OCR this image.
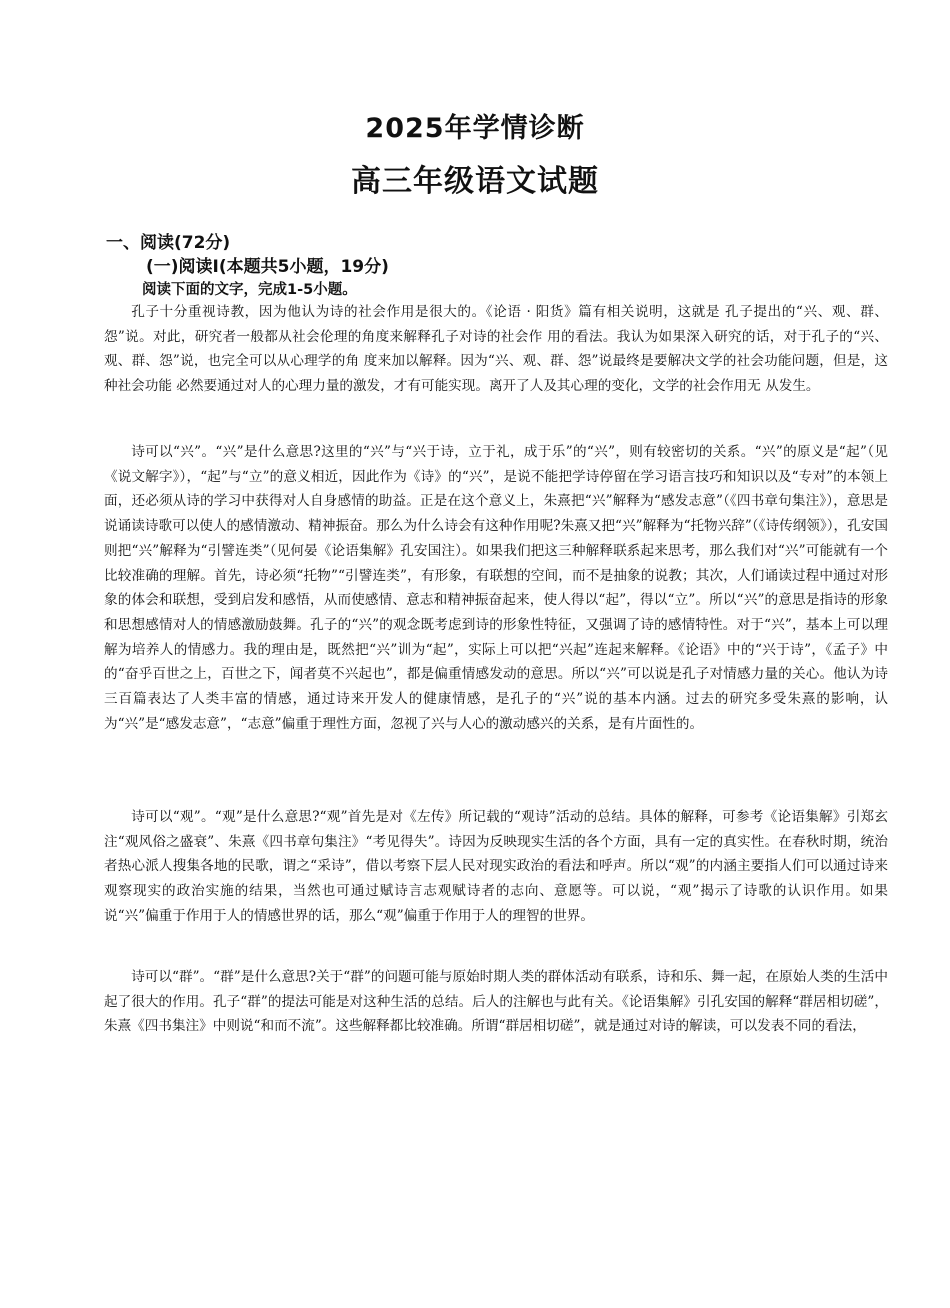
2025年学情诊断
高三年级语文试题
一、阅读(72分)
(一)阅读Ⅰ(本题共5小题，19分)
阅读下面的文字，完成1-5小题。
孔子十分重视诗教，因为他认为诗的社会作用是很大的。《论语 · 阳货》篇有相关说明，这就是 孔子提出的“兴、观、群、怨”说。对此，研究者一般都从社会伦理的角度来解释孔子对诗的社会作 用的看法。我认为如果深入研究的话，对于孔子的“兴、观、群、怨”说，也完全可以从心理学的角 度来加以解释。因为“兴、观、群、怨”说最终是要解决文学的社会功能问题，但是，这种社会功能 必然要通过对人的心理力量的激发，才有可能实现。离开了人及其心理的变化，文学的社会作用无 从发生。
诗可以“兴”。“兴”是什么意思?这里的“兴”与“兴于诗，立于礼，成于乐”的“兴”，则有较密切的关系。“兴”的原义是“起”（见《说文解字》），“起”与“立”的意义相近，因此作为《诗》的“兴”，是说不能把学诗停留在学习语言技巧和知识以及“专对”的本领上面，还必须从诗的学习中获得对人自身感情的助益。正是在这个意义上，朱熹把“兴”解释为“感发志意”（《四书章句集注》），意思是说诵读诗歌可以使人的感情激动、精神振奋。那么为什么诗会有这种作用呢?朱熹又把“兴”解释为“托物兴辞”（《诗传纲领》），孔安国则把“兴”解释为“引譬连类”（见何晏《论语集解》孔安国注）。如果我们把这三种解释联系起来思考，那么我们对“兴”可能就有一个比较准确的理解。首先，诗必须“托物”“引譬连类”，有形象，有联想的空间，而不是抽象的说教；其次，人们诵读过程中通过对形象的体会和联想，受到启发和感悟，从而使感情、意志和精神振奋起来，使人得以“起”，得以“立”。所以“兴”的意思是指诗的形象和思想感情对人的情感激励鼓舞。孔子的“兴”的观念既考虑到诗的形象性特征，又强调了诗的感情特性。对于“兴”，基本上可以理解为培养人的情感力。我的理由是，既然把“兴”训为“起”，实际上可以把“兴起”连起来解释。《论语》中的“兴于诗”，《孟子》中的“奋乎百世之上，百世之下，闻者莫不兴起也”，都是偏重情感发动的意思。所以“兴”可以说是孔子对情感力量的关心。他认为诗三百篇表达了人类丰富的情感，通过诗来开发人的健康情感，是孔子的“兴”说的基本内涵。过去的研究多受朱熹的影响，认为“兴”是“感发志意”，“志意”偏重于理性方面，忽视了兴与人心的激动感兴的关系，是有片面性的。
诗可以“观”。“观”是什么意思?“观”首先是对《左传》所记载的“观诗”活动的总结。具体的解释，可参考《论语集解》引郑玄注“观风俗之盛衰”、朱熹《四书章句集注》“考见得失”。诗因为反映现实生活的各个方面，具有一定的真实性。在春秋时期，统治者热心派人搜集各地的民歌，谓之“采诗”，借以考察下层人民对现实政治的看法和呼声。所以“观”的内涵主要指人们可以通过诗来观察现实的政治实施的结果，当然也可通过赋诗言志观赋诗者的志向、意愿等。可以说，“观”揭示了诗歌的认识作用。如果说“兴”偏重于作用于人的情感世界的话，那么“观”偏重于作用于人的理智的世界。
诗可以“群”。“群”是什么意思?关于“群”的问题可能与原始时期人类的群体活动有联系，诗和乐、舞一起，在原始人类的生活中起了很大的作用。孔子“群”的提法可能是对这种生活的总结。后人的注解也与此有关。《论语集解》引孔安国的解释“群居相切磋”，朱熹《四书集注》中则说“和而不流”。这些解释都比较准确。所谓“群居相切磋”，就是通过对诗的解读，可以发表不同的看法，
